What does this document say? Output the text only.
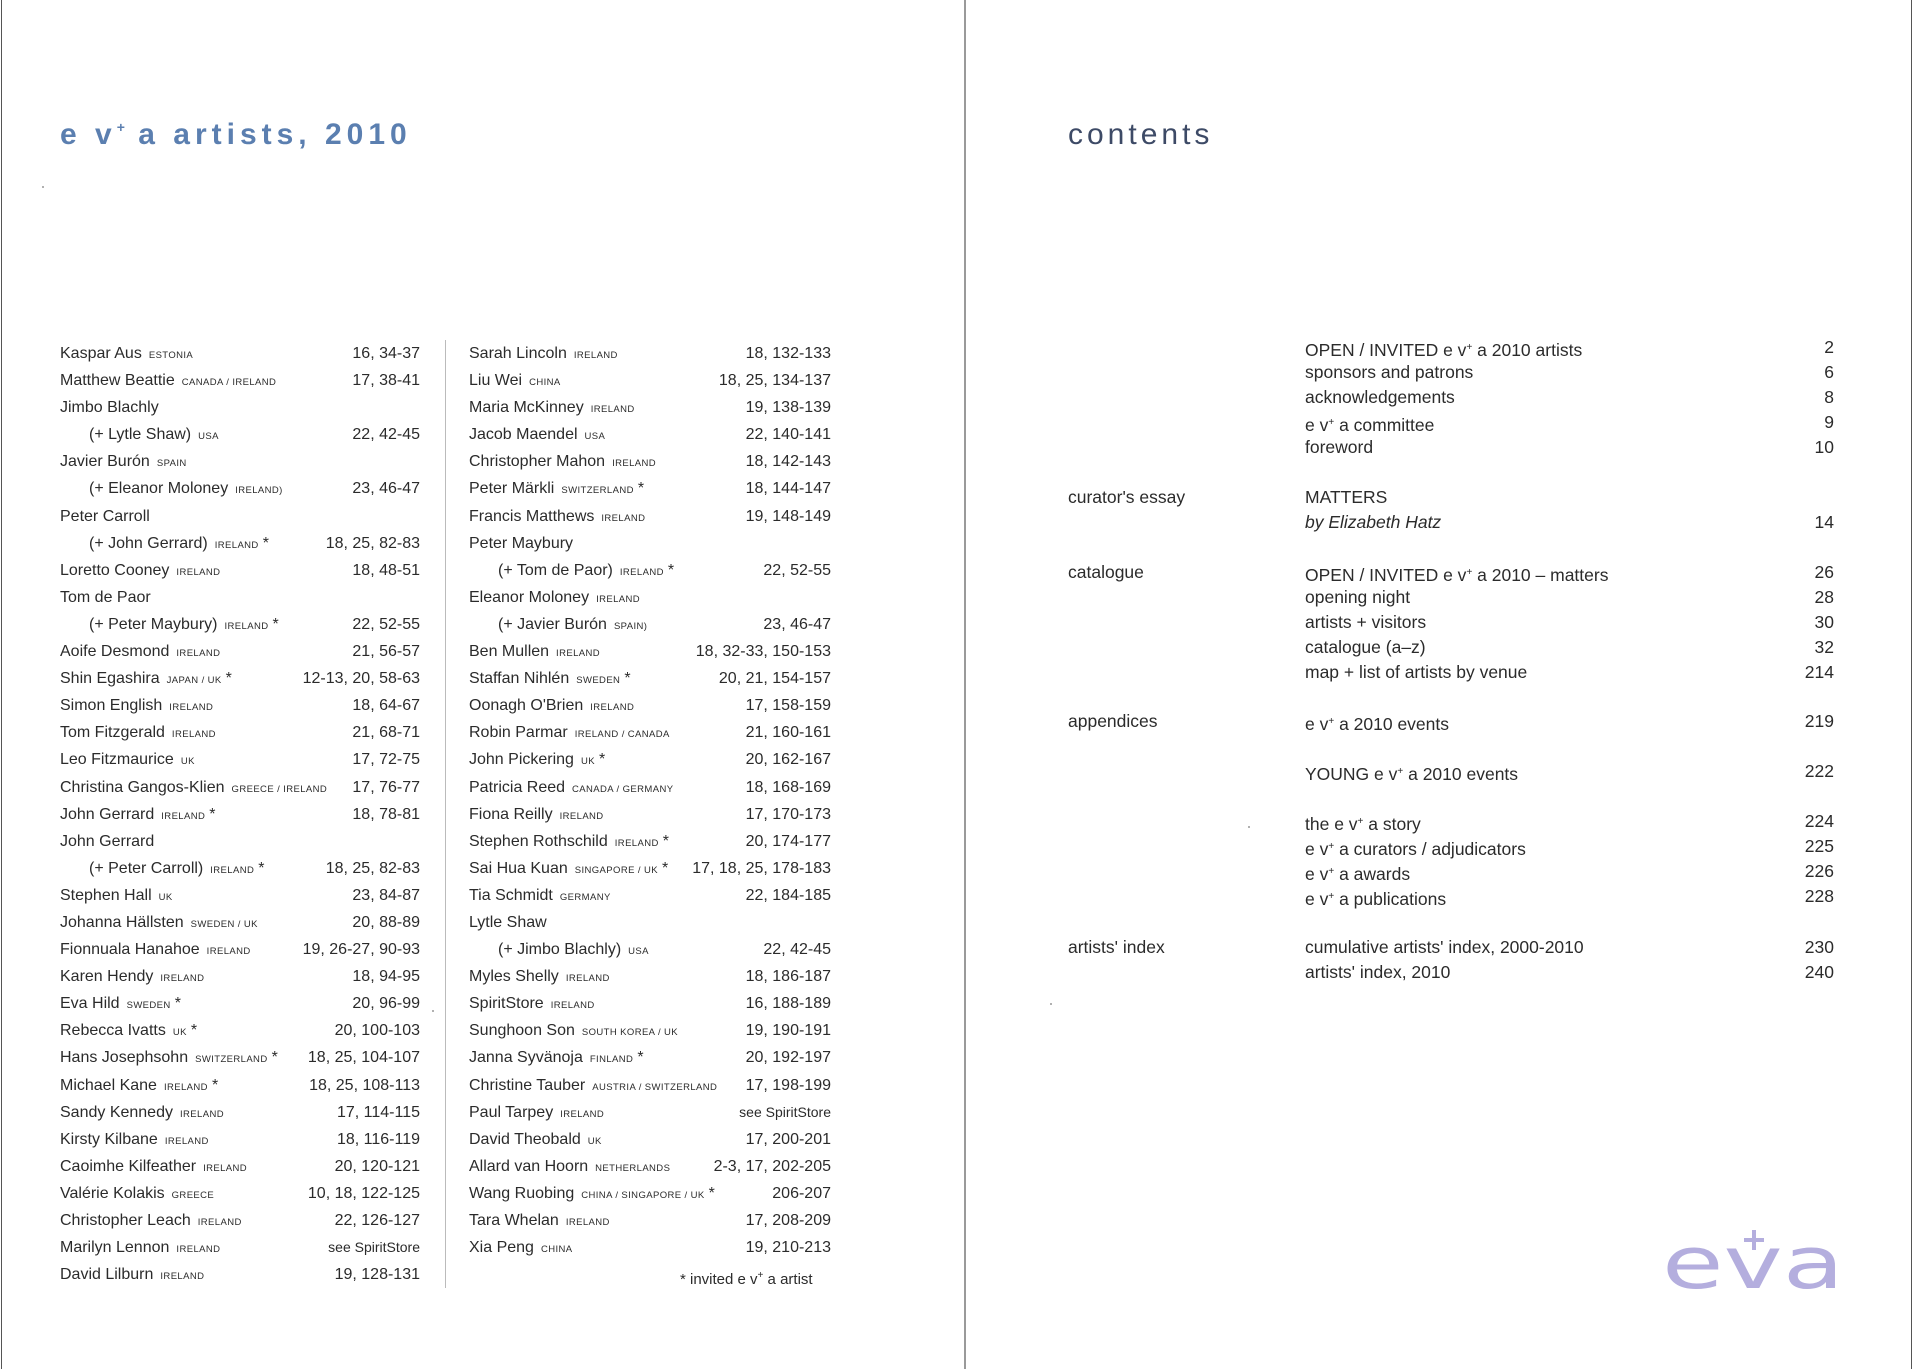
e v+ a artists, 2010
Kaspar Aus ESTONIA	16, 34-37
Matthew Beattie CANADA / IRELAND	17, 38-41
Jimbo Blachly
(+ Lytle Shaw) USA	22, 42-45
Javier Burón SPAIN
(+ Eleanor Moloney IRELAND)	23, 46-47
Peter Carroll
(+ John Gerrard) IRELAND *	18, 25, 82-83
Loretto Cooney IRELAND	18, 48-51
Tom de Paor
(+ Peter Maybury) IRELAND *	22, 52-55
Aoife Desmond IRELAND	21, 56-57
Shin Egashira JAPAN / UK *	12-13, 20, 58-63
Simon English IRELAND	18, 64-67
Tom Fitzgerald IRELAND	21, 68-71
Leo Fitzmaurice UK	17, 72-75
Christina Gangos-Klien GREECE / IRELAND 17, 76-77
John Gerrard IRELAND *	18, 78-81
John Gerrard
(+ Peter Carroll) IRELAND *	18, 25, 82-83
Stephen Hall UK	23, 84-87
Johanna Hällsten SWEDEN / UK	20, 88-89
Fionnuala Hanahoe IRELAND	19, 26-27, 90-93
Karen Hendy IRELAND	18, 94-95
Eva Hild SWEDEN *	20, 96-99
Rebecca Ivatts UK *	20, 100-103
Hans Josephsohn SWITZERLAND * 18, 25, 104-107
Michael Kane IRELAND *	18, 25, 108-113
Sandy Kennedy IRELAND	17, 114-115
Kirsty Kilbane IRELAND	18, 116-119
Caoimhe Kilfeather IRELAND	20, 120-121
Valérie Kolakis GREECE	10, 18, 122-125
Christopher Leach IRELAND	22, 126-127
Marilyn Lennon IRELAND	see SpiritStore
David Lilburn IRELAND	19, 128-131
Sarah Lincoln IRELAND	18, 132-133
Liu Wei CHINA	18, 25, 134-137
Maria McKinney IRELAND	19, 138-139
Jacob Maendel USA	22, 140-141
Christopher Mahon IRELAND	18, 142-143
Peter Märkli SWITZERLAND *	18, 144-147
Francis Matthews IRELAND	19, 148-149
Peter Maybury
(+ Tom de Paor) IRELAND *	22, 52-55
Eleanor Moloney IRELAND
(+ Javier Burón SPAIN)	23, 46-47
Ben Mullen IRELAND	18, 32-33, 150-153
Staffan Nihlén SWEDEN *	20, 21, 154-157
Oonagh O'Brien IRELAND	17, 158-159
Robin Parmar IRELAND / CANADA	21, 160-161
John Pickering UK *	20, 162-167
Patricia Reed CANADA / GERMANY	18, 168-169
Fiona Reilly IRELAND	17, 170-173
Stephen Rothschild IRELAND *	20, 174-177
Sai Hua Kuan SINGAPORE / UK * 17, 18, 25, 178-183
Tia Schmidt GERMANY	22, 184-185
Lytle Shaw
(+ Jimbo Blachly) USA	22, 42-45
Myles Shelly IRELAND	18, 186-187
SpiritStore IRELAND	16, 188-189
Sunghoon Son SOUTH KOREA / UK	19, 190-191
Janna Syvänoja FINLAND *	20, 192-197
Christine Tauber AUSTRIA / SWITZERLAND 17, 198-199
Paul Tarpey IRELAND	see SpiritStore
David Theobald UK	17, 200-201
Allard van Hoorn NETHERLANDS	2-3, 17, 202-205
Wang Ruobing CHINA / SINGAPORE / UK *	206-207
Tara Whelan IRELAND	17, 208-209
Xia Peng CHINA	19, 210-213
* invited e v+ a artist
contents
OPEN / INVITED e v+ a 2010 artists	2
sponsors and patrons	6
acknowledgements	8
e v+ a committee	9
foreword	10
curator's essay	MATTERS
by Elizabeth Hatz	14
catalogue	OPEN / INVITED e v+ a 2010 – matters	26
opening night	28
artists + visitors	30
catalogue (a–z)	32
map + list of artists by venue	214
appendices	e v+ a 2010 events	219
YOUNG e v+ a 2010 events	222
the e v+ a story	224
e v+ a curators / adjudicators	225
e v+ a awards	226
e v+ a publications	228
artists' index	cumulative artists' index, 2000-2010	230
artists' index, 2010	240
eva
